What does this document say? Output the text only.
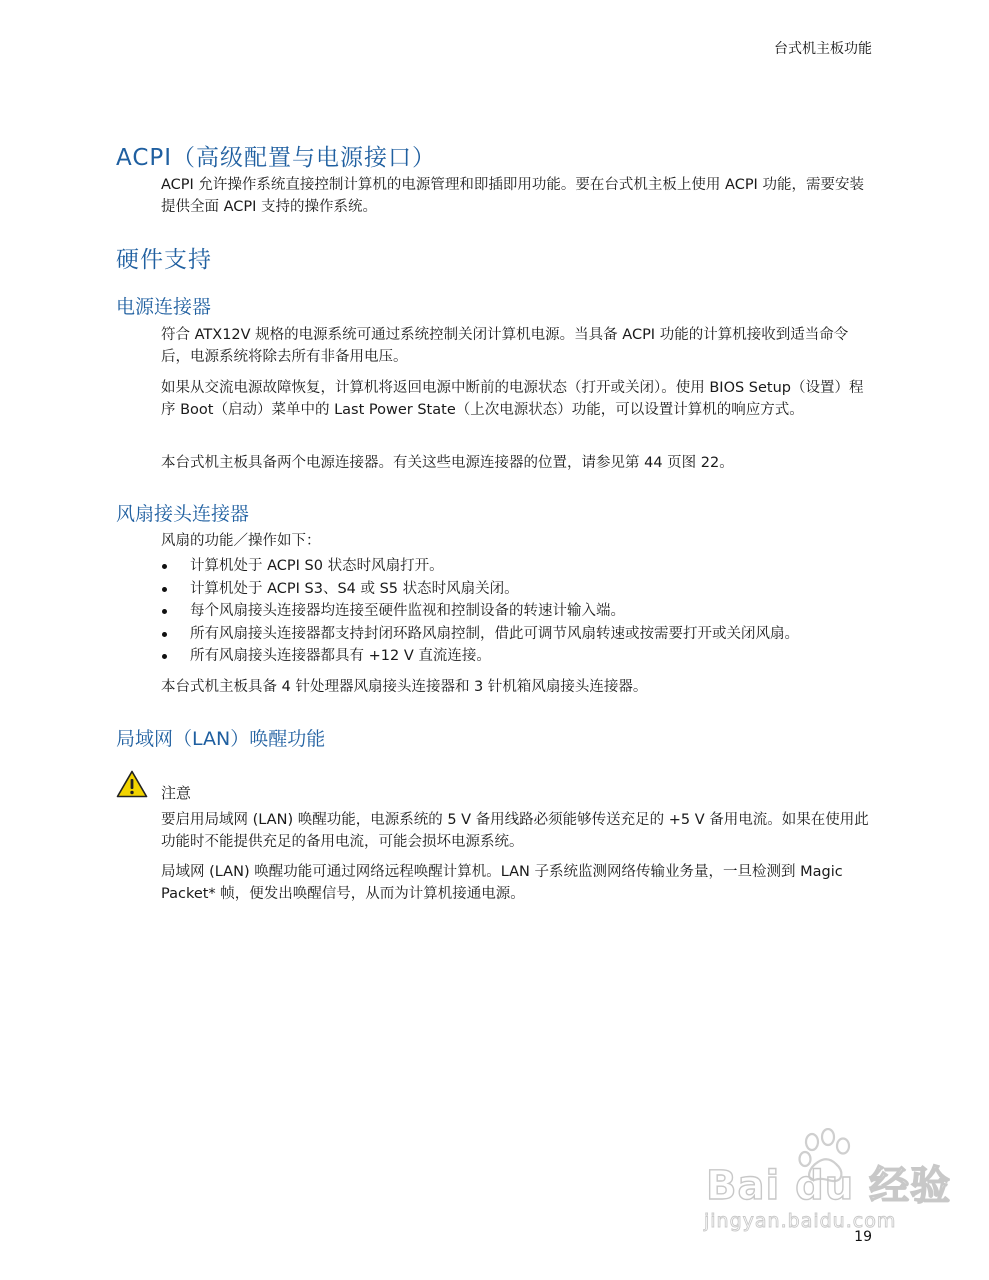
台式机主板功能
ACPI（高级配置与电源接口）

ACPI 允许操作系统直接控制计算机的电源管理和即插即用功能。要在台式机主板上使用 ACPI 功能，需要安装提供全面 ACPI 支持的操作系统。

硬件支持
电源连接器

符合 ATX12V 规格的电源系统可通过系统控制关闭计算机电源。当具备 ACPI 功能的计算机接收到适当命令后，电源系统将除去所有非备用电压。

如果从交流电源故障恢复，计算机将返回电源中断前的电源状态（打开或关闭）。使用 BIOS Setup（设置）程序 Boot（启动）菜单中的 Last Power State（上次电源状态）功能，可以设置计算机的响应方式。

本台式机主板具备两个电源连接器。有关这些电源连接器的位置，请参见第 44 页图 22。

风扇接头连接器

风扇的功能／操作如下：

计算机处于 ACPI S0 状态时风扇打开。
计算机处于 ACPI S3、S4 或 S5 状态时风扇关闭。
每个风扇接头连接器均连接至硬件监视和控制设备的转速计输入端。
所有风扇接头连接器都支持封闭环路风扇控制，借此可调节风扇转速或按需要打开或关闭风扇。
所有风扇接头连接器都具有 +12 V 直流连接。

本台式机主板具备 4 针处理器风扇接头连接器和 3 针机箱风扇接头连接器。

局域网（LAN）唤醒功能
注意

要启用局域网 (LAN) 唤醒功能，电源系统的 5 V 备用线路必须能够传送充足的 +5 V 备用电流。如果在使用此功能时不能提供充足的备用电流，可能会损坏电源系统。

局域网 (LAN) 唤醒功能可通过网络远程唤醒计算机。LAN 子系统监测网络传输业务量，一旦检测到 Magic Packet* 帧，便发出唤醒信号，从而为计算机接通电源。

Bai du 经验
jingyan.baidu.com
19
